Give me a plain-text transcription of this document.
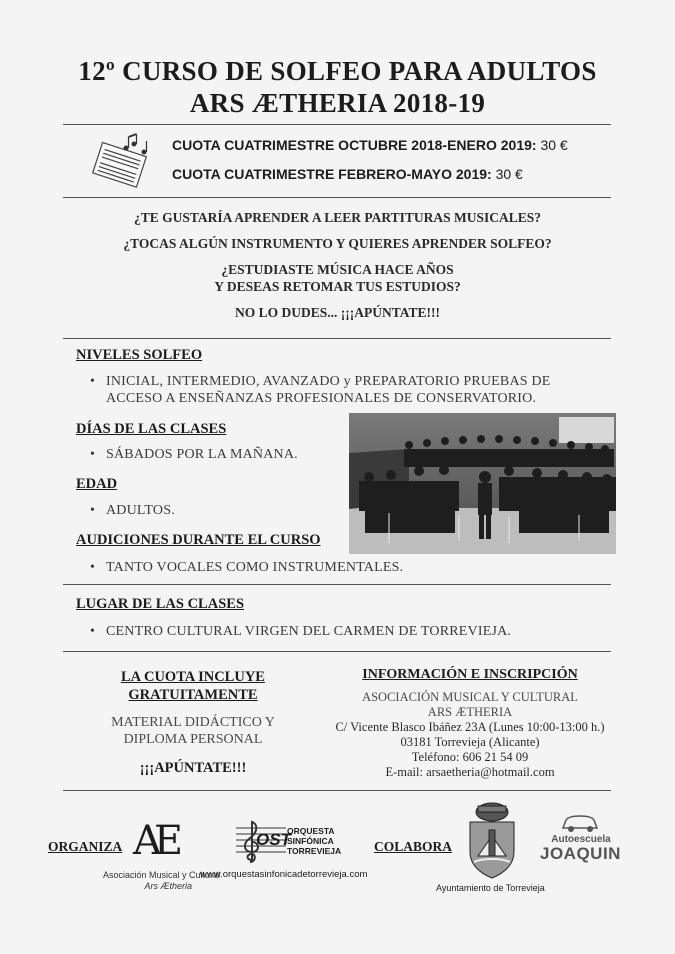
12º CURSO DE SOLFEO PARA ADULTOS
ARS ÆTHERIA 2018-19
CUOTA CUATRIMESTRE OCTUBRE 2018-ENERO 2019: 30 €
CUOTA CUATRIMESTRE FEBRERO-MAYO 2019: 30 €
¿TE GUSTARÍA APRENDER A LEER PARTITURAS MUSICALES?
¿TOCAS ALGÚN INSTRUMENTO Y QUIERES APRENDER SOLFEO?
¿ESTUDIASTE MÚSICA HACE AÑOS
Y DESEAS RETOMAR TUS ESTUDIOS?
NO LO DUDES... ¡¡¡APÚNTATE!!!
NIVELES SOLFEO
• INICIAL, INTERMEDIO, AVANZADO y PREPARATORIO PRUEBAS DE
ACCESO A ENSEÑANZAS PROFESIONALES DE CONSERVATORIO.
DÍAS DE LAS CLASES
• SÁBADOS POR LA MAÑANA.
EDAD
• ADULTOS.
AUDICIONES DURANTE EL CURSO
• TANTO VOCALES COMO INSTRUMENTALES.
LUGAR DE LAS CLASES
• CENTRO CULTURAL VIRGEN DEL CARMEN DE TORREVIEJA.
LA CUOTA INCLUYE
GRATUITAMENTE
MATERIAL DIDÁCTICO Y
DIPLOMA PERSONAL
¡¡¡APÚNTATE!!!
INFORMACIÓN E INSCRIPCIÓN
ASOCIACIÓN MUSICAL Y CULTURAL
ARS ÆTHERIA
C/ Vicente Blasco Ibáñez 23A (Lunes 10:00-13:00 h.)
03181 Torrevieja (Alicante)
Teléfono: 606 21 54 09
E-mail: arsaetheria@hotmail.com
ORGANIZA AE
Asociación Musical y Cultural
Ars Ætheria
OST
ORQUESTA
SINFÓNICA
TORREVIEJA
www.orquestasinfonicadetorrevieja.com
COLABORA
Ayuntamiento de Torrevieja
Autoescuela
JOAQUIN
